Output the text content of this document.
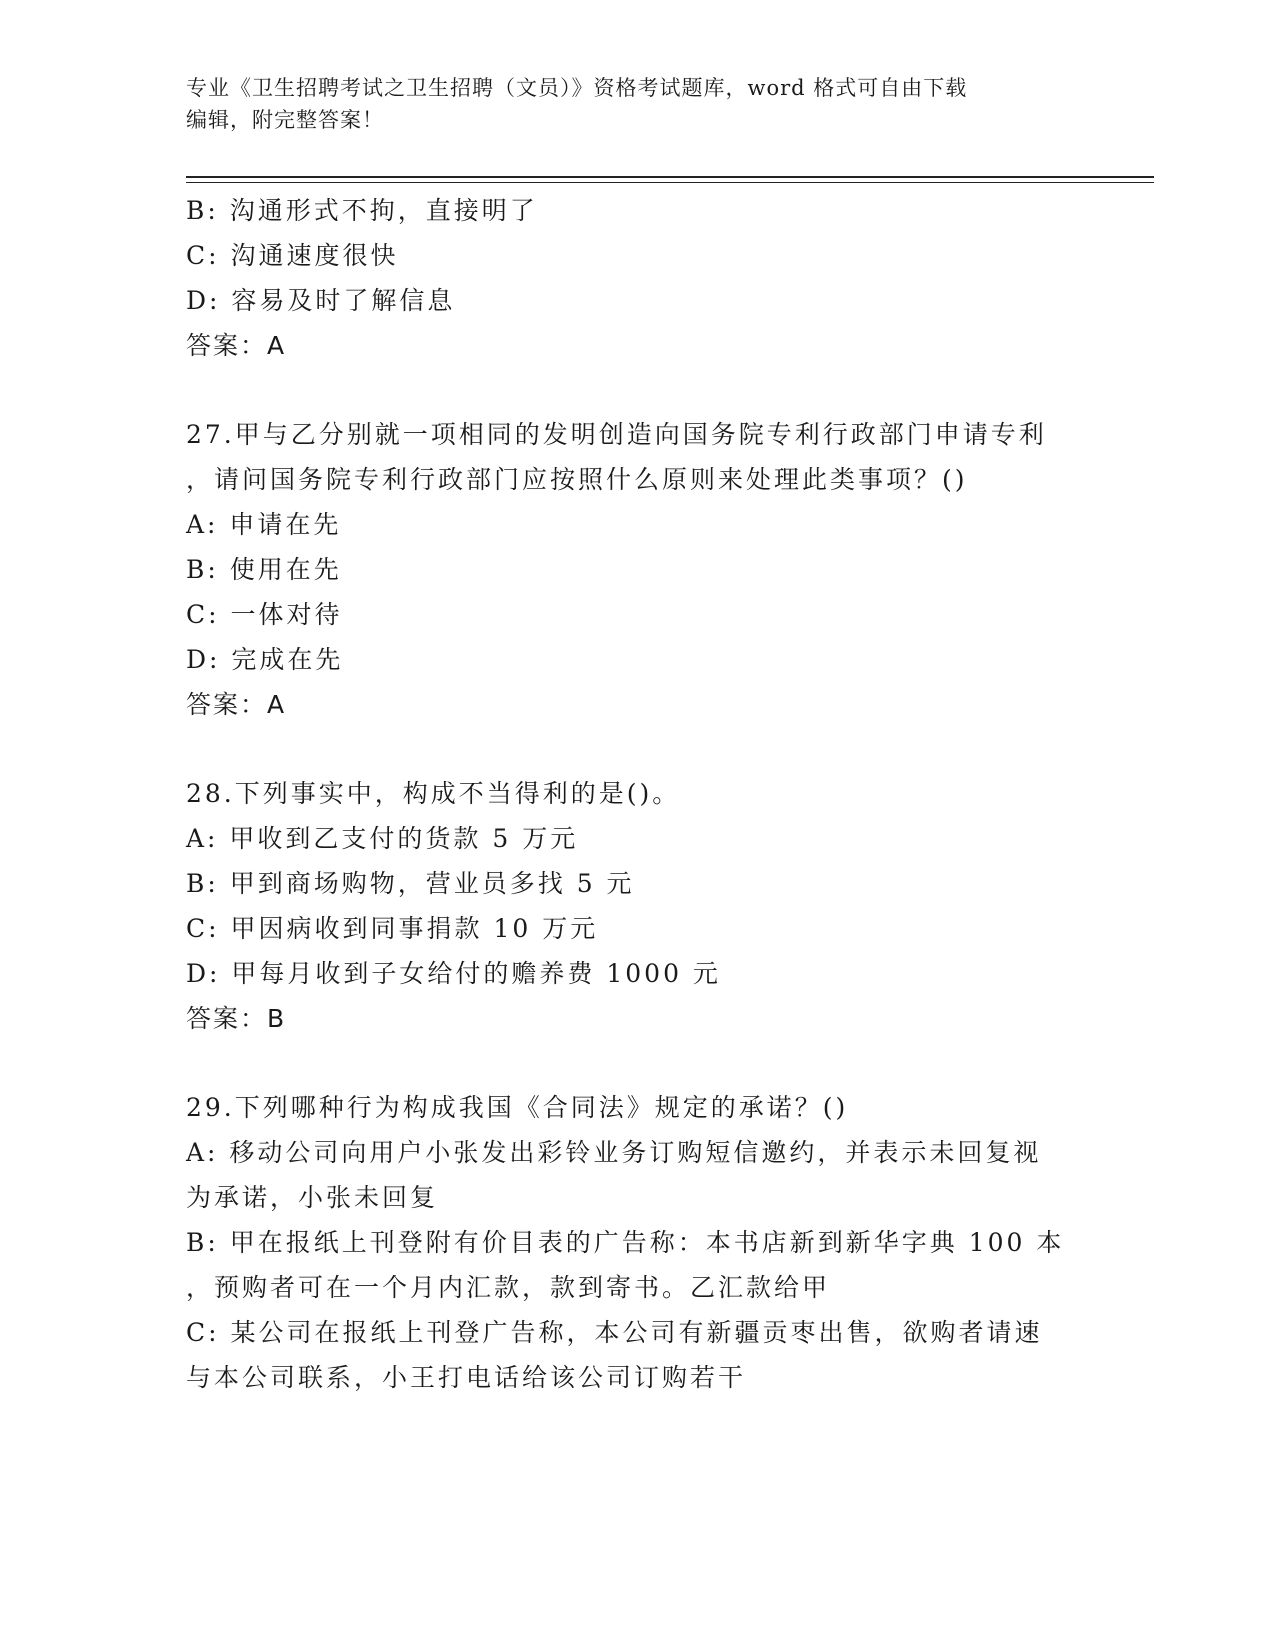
专业《卫生招聘考试之卫生招聘（文员）》资格考试题库，word 格式可自由下载
编辑，附完整答案！
B: 沟通形式不拘，直接明了
C: 沟通速度很快
D: 容易及时了解信息
答案：A
27.甲与乙分别就一项相同的发明创造向国务院专利行政部门申请专利
，请问国务院专利行政部门应按照什么原则来处理此类事项？()
A: 申请在先
B: 使用在先
C: 一体对待
D: 完成在先
答案：A
28.下列事实中，构成不当得利的是()。
A: 甲收到乙支付的货款 5 万元
B: 甲到商场购物，营业员多找 5 元
C: 甲因病收到同事捐款 10 万元
D: 甲每月收到子女给付的赡养费 1000 元
答案：B
29.下列哪种行为构成我国《合同法》规定的承诺？()
A: 移动公司向用户小张发出彩铃业务订购短信邀约，并表示未回复视
为承诺，小张未回复
B: 甲在报纸上刊登附有价目表的广告称：本书店新到新华字典 100 本
，预购者可在一个月内汇款，款到寄书。乙汇款给甲
C: 某公司在报纸上刊登广告称，本公司有新疆贡枣出售，欲购者请速
与本公司联系，小王打电话给该公司订购若干
